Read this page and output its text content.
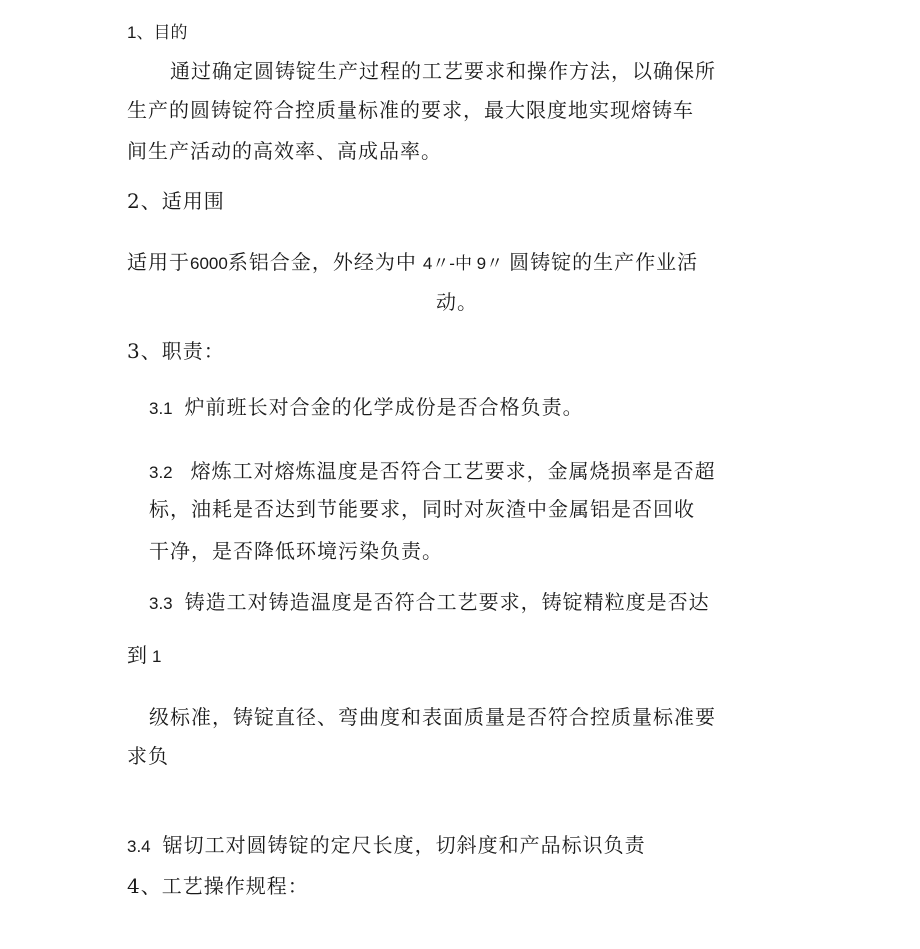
1、目的
通过确定圆铸锭生产过程的工艺要求和操作方法，以确保所
生产的圆铸锭符合控质量标准的要求，最大限度地实现熔铸车
间生产活动的高效率、高成品率。
2、适用围
适用于6000系铝合金，外经为中 4〃-中 9〃 圆铸锭的生产作业活
动。
3、职责：
3.1 炉前班长对合金的化学成份是否合格负责。
3.2 熔炼工对熔炼温度是否符合工艺要求，金属烧损率是否超
标，油耗是否达到节能要求，同时对灰渣中金属铝是否回收
干净，是否降低环境污染负责。
3.3 铸造工对铸造温度是否符合工艺要求，铸锭精粒度是否达
到 1
级标准，铸锭直径、弯曲度和表面质量是否符合控质量标准要
求负
3.4 锯切工对圆铸锭的定尺长度，切斜度和产品标识负责
4、工艺操作规程：
